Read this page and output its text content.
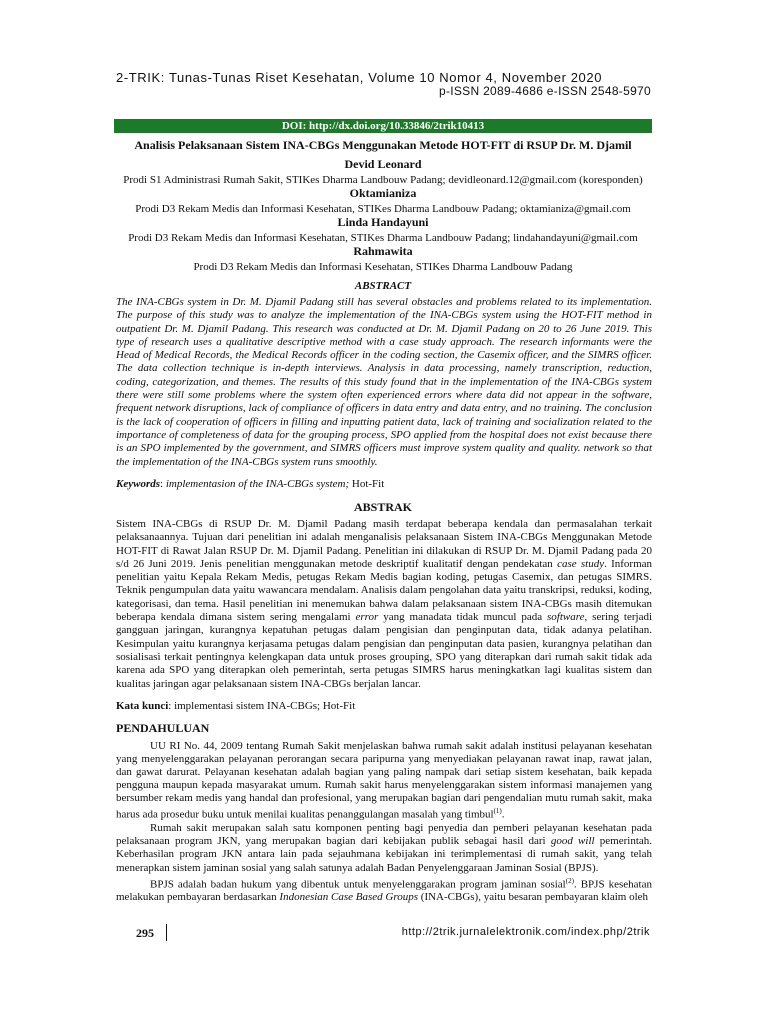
2-TRIK: Tunas-Tunas Riset Kesehatan, Volume 10 Nomor 4, November 2020
p-ISSN 2089-4686 e-ISSN 2548-5970
DOI: http://dx.doi.org/10.33846/2trik10413
Analisis Pelaksanaan Sistem INA-CBGs Menggunakan Metode HOT-FIT di RSUP Dr. M. Djamil
Devid Leonard
Prodi S1 Administrasi Rumah Sakit, STIKes Dharma Landbouw Padang; devidleonard.12@gmail.com (koresponden)
Oktamianiza
Prodi D3 Rekam Medis dan Informasi Kesehatan, STIKes Dharma Landbouw Padang; oktamianiza@gmail.com
Linda Handayuni
Prodi D3 Rekam Medis dan Informasi Kesehatan, STIKes Dharma Landbouw Padang; lindahandayuni@gmail.com
Rahmawita
Prodi D3 Rekam Medis dan Informasi Kesehatan, STIKes Dharma Landbouw Padang
ABSTRACT
The INA-CBGs system in Dr. M. Djamil Padang still has several obstacles and problems related to its implementation. The purpose of this study was to analyze the implementation of the INA-CBGs system using the HOT-FIT method in outpatient Dr. M. Djamil Padang. This research was conducted at Dr. M. Djamil Padang on 20 to 26 June 2019. This type of research uses a qualitative descriptive method with a case study approach. The research informants were the Head of Medical Records, the Medical Records officer in the coding section, the Casemix officer, and the SIMRS officer. The data collection technique is in-depth interviews. Analysis in data processing, namely transcription, reduction, coding, categorization, and themes. The results of this study found that in the implementation of the INA-CBGs system there were still some problems where the system often experienced errors where data did not appear in the software, frequent network disruptions, lack of compliance of officers in data entry and data entry, and no training. The conclusion is the lack of cooperation of officers in filling and inputting patient data, lack of training and socialization related to the importance of completeness of data for the grouping process, SPO applied from the hospital does not exist because there is an SPO implemented by the government, and SIMRS officers must improve system quality and quality. network so that the implementation of the INA-CBGs system runs smoothly.
Keywords: implementasion of the INA-CBGs system; Hot-Fit
ABSTRAK
Sistem INA-CBGs di RSUP Dr. M. Djamil Padang masih terdapat beberapa kendala dan permasalahan terkait pelaksanaannya. Tujuan dari penelitian ini adalah menganalisis pelaksanaan Sistem INA-CBGs Menggunakan Metode HOT-FIT di Rawat Jalan RSUP Dr. M. Djamil Padang. Penelitian ini dilakukan di RSUP Dr. M. Djamil Padang pada 20 s/d 26 Juni 2019. Jenis penelitian menggunakan metode deskriptif kualitatif dengan pendekatan case study. Informan penelitian yaitu Kepala Rekam Medis, petugas Rekam Medis bagian koding, petugas Casemix, dan petugas SIMRS. Teknik pengumpulan data yaitu wawancara mendalam. Analisis dalam pengolahan data yaitu transkripsi, reduksi, koding, kategorisasi, dan tema. Hasil penelitian ini menemukan bahwa dalam pelaksanaan sistem INA-CBGs masih ditemukan beberapa kendala dimana sistem sering mengalami error yang manadata tidak muncul pada software, sering terjadi gangguan jaringan, kurangnya kepatuhan petugas dalam pengisian dan penginputan data, tidak adanya pelatihan. Kesimpulan yaitu kurangnya kerjasama petugas dalam pengisian dan penginputan data pasien, kurangnya pelatihan dan sosialisasi terkait pentingnya kelengkapan data untuk proses grouping, SPO yang diterapkan dari rumah sakit tidak ada karena ada SPO yang diterapkan oleh pemerintah, serta petugas SIMRS harus meningkatkan lagi kualitas sistem dan kualitas jaringan agar pelaksanaan sistem INA-CBGs berjalan lancar.
Kata kunci: implementasi sistem INA-CBGs; Hot-Fit
PENDAHULUAN

UU RI No. 44, 2009 tentang Rumah Sakit menjelaskan bahwa rumah sakit adalah institusi pelayanan kesehatan yang menyelenggarakan pelayanan perorangan secara paripurna yang menyediakan pelayanan rawat inap, rawat jalan, dan gawat darurat. Pelayanan kesehatan adalah bagian yang paling nampak dari setiap sistem kesehatan, baik kepada pengguna maupun kepada masyarakat umum. Rumah sakit harus menyelenggarakan sistem informasi manajemen yang bersumber rekam medis yang handal dan profesional, yang merupakan bagian dari pengendalian mutu rumah sakit, maka harus ada prosedur buku untuk menilai kualitas penanggulangan masalah yang timbul$^{(1)}$.

Rumah sakit merupakan salah satu komponen penting bagi penyedia dan pemberi pelayanan kesehatan pada pelaksanaan program JKN, yang merupakan bagian dari kebijakan publik sebagai hasil dari good will pemerintah. Keberhasilan program JKN antara lain pada sejauhmana kebijakan ini terimplementasi di rumah sakit, yang telah menerapkan sistem jaminan sosial yang salah satunya adalah Badan Penyelenggaraan Jaminan Sosial (BPJS).

BPJS adalah badan hukum yang dibentuk untuk menyelenggarakan program jaminan sosial$^{(2)}$. BPJS kesehatan melakukan pembayaran berdasarkan Indonesian Case Based Groups (INA-CBGs), yaitu besaran pembayaran klaim oleh

295	http://2trik.jurnalelektronik.com/index.php/2trik
